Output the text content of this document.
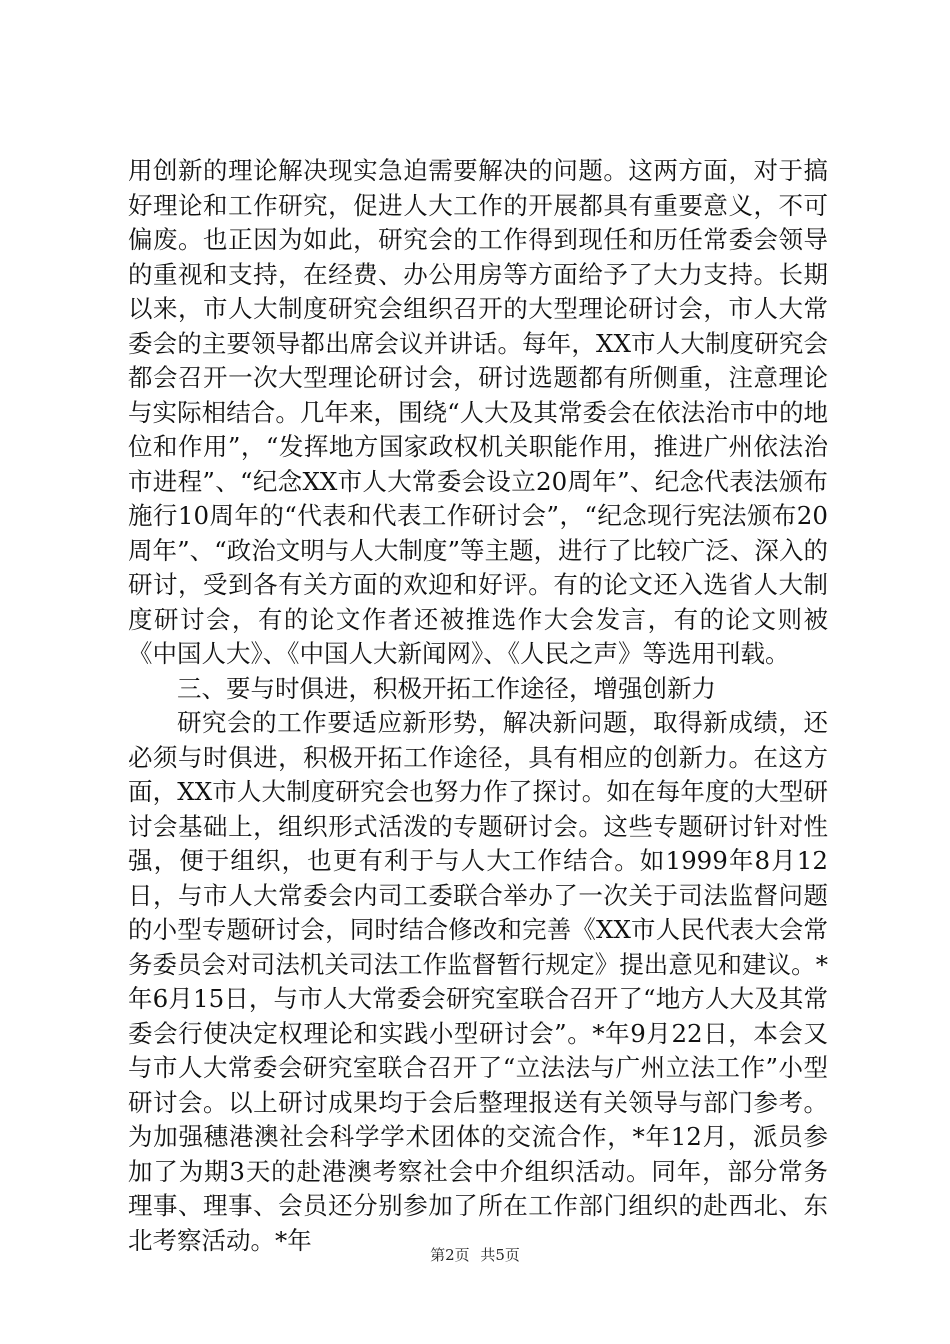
用创新的理论解决现实急迫需要解决的问题。这两方面，对于搞好理论和工作研究，促进人大工作的开展都具有重要意义，不可偏废。也正因为如此，研究会的工作得到现任和历任常委会领导的重视和支持，在经费、办公用房等方面给予了大力支持。长期以来，市人大制度研究会组织召开的大型理论研讨会，市人大常委会的主要领导都出席会议并讲话。每年，XX市人大制度研究会都会召开一次大型理论研讨会，研讨选题都有所侧重，注意理论与实际相结合。几年来，围绕“人大及其常委会在依法治市中的地位和作用”，“发挥地方国家政权机关职能作用，推进广州依法治市进程”、“纪念XX市人大常委会设立20周年”、纪念代表法颁布施行10周年的“代表和代表工作研讨会”，“纪念现行宪法颁布20周年”、“政治文明与人大制度”等主题，进行了比较广泛、深入的研讨，受到各有关方面的欢迎和好评。有的论文还入选省人大制度研讨会，有的论文作者还被推选作大会发言，有的论文则被《中国人大》、《中国人大新闻网》、《人民之声》等选用刊载。

三、要与时俱进，积极开拓工作途径，增强创新力

研究会的工作要适应新形势，解决新问题，取得新成绩，还必须与时俱进，积极开拓工作途径，具有相应的创新力。在这方面，XX市人大制度研究会也努力作了探讨。如在每年度的大型研讨会基础上，组织形式活泼的专题研讨会。这些专题研讨针对性强，便于组织，也更有利于与人大工作结合。如1999年8月12日，与市人大常委会内司工委联合举办了一次关于司法监督问题的小型专题研讨会，同时结合修改和完善《XX市人民代表大会常务委员会对司法机关司法工作监督暂行规定》提出意见和建议。*年6月15日，与市人大常委会研究室联合召开了“地方人大及其常委会行使决定权理论和实践小型研讨会”。*年9月22日，本会又与市人大常委会研究室联合召开了“立法法与广州立法工作”小型研讨会。以上研讨成果均于会后整理报送有关领导与部门参考。为加强穗港澳社会科学学术团体的交流合作，*年12月，派员参加了为期3天的赴港澳考察社会中介组织活动。同年，部分常务理事、理事、会员还分别参加了所在工作部门组织的赴西北、东北考察活动。*年

第2页 共5页
